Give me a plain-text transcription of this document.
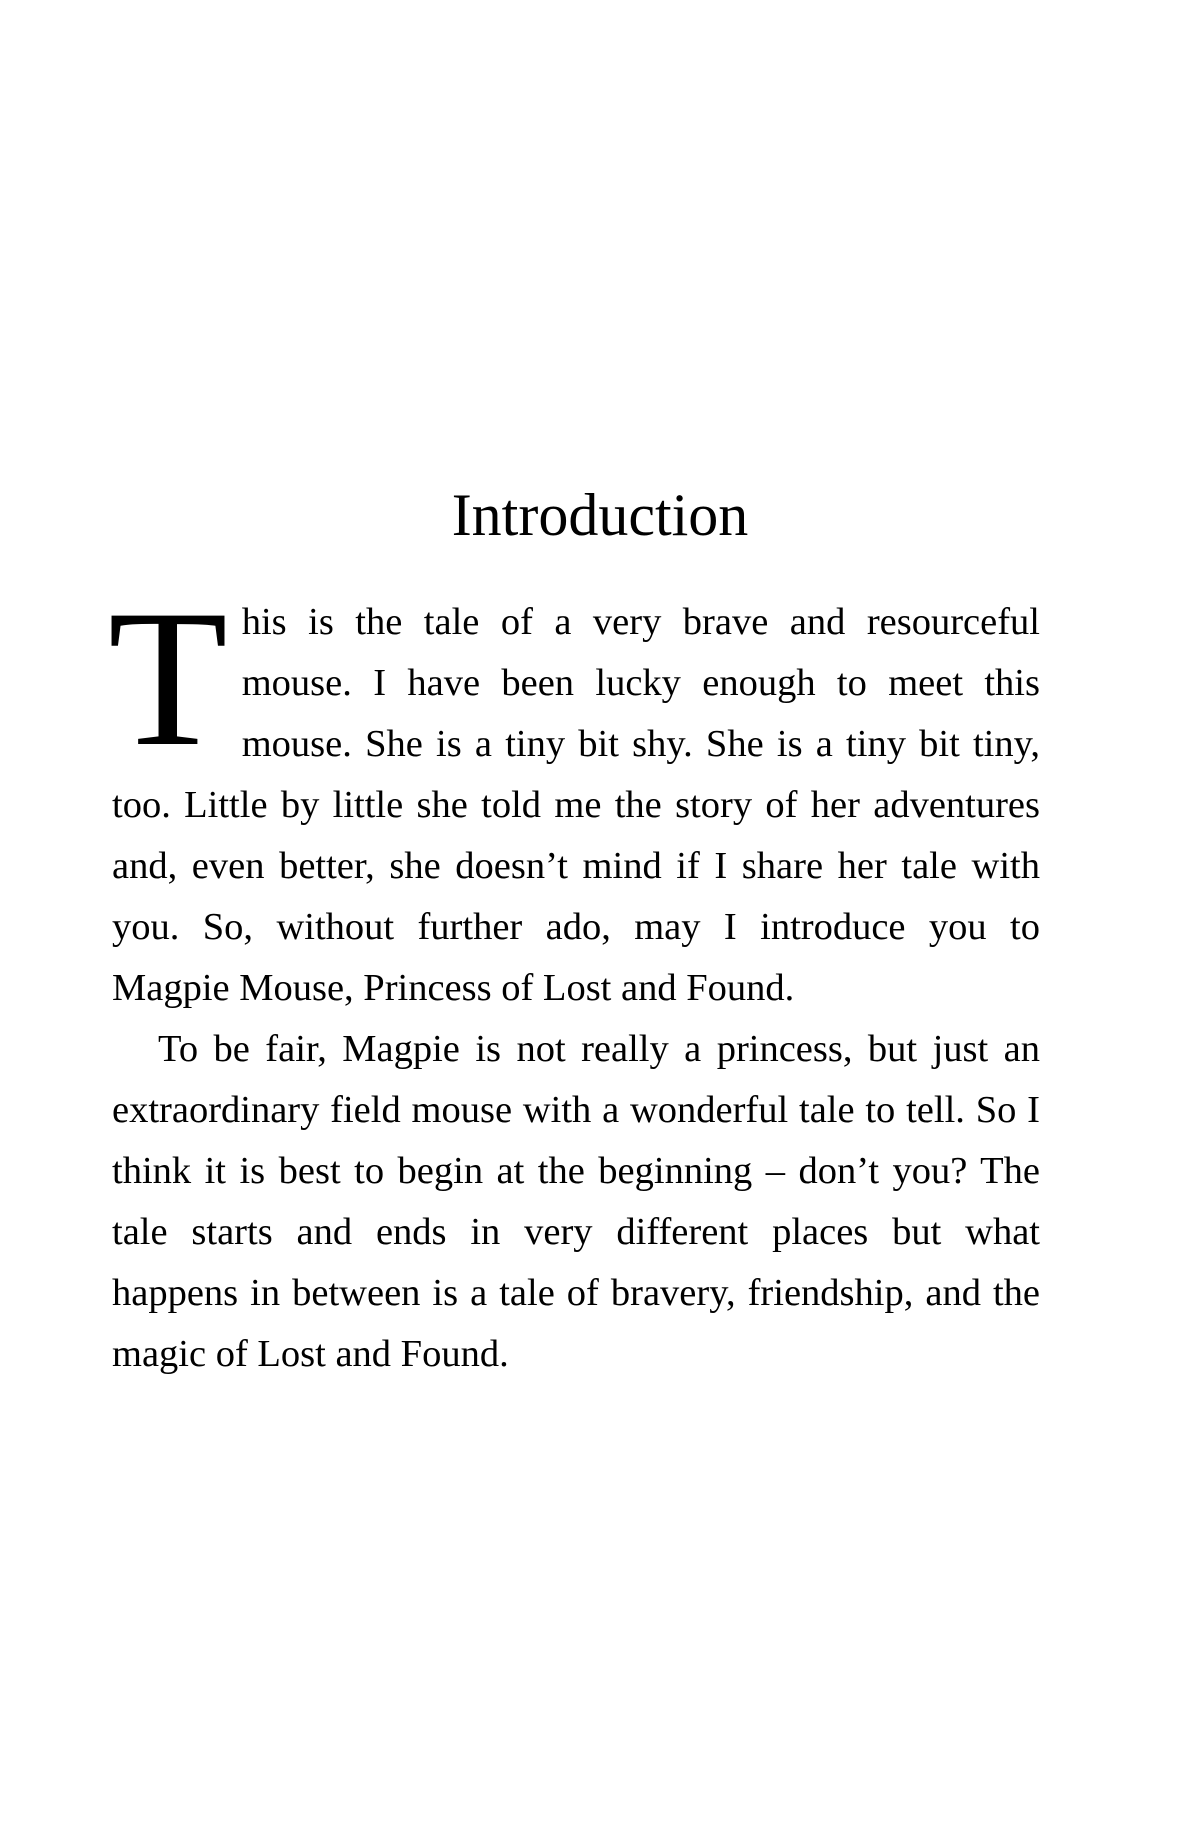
Introduction

This is the tale of a very brave and resourceful mouse. I have been lucky enough to meet this mouse. She is a tiny bit shy. She is a tiny bit tiny, too. Little by little she told me the story of her adventures and, even better, she doesn’t mind if I share her tale with you. So, without further ado, may I introduce you to Magpie Mouse, Princess of Lost and Found.

To be fair, Magpie is not really a princess, but just an extraordinary field mouse with a wonderful tale to tell. So I think it is best to begin at the beginning – don’t you? The tale starts and ends in very different places but what happens in between is a tale of bravery, friendship, and the magic of Lost and Found.
